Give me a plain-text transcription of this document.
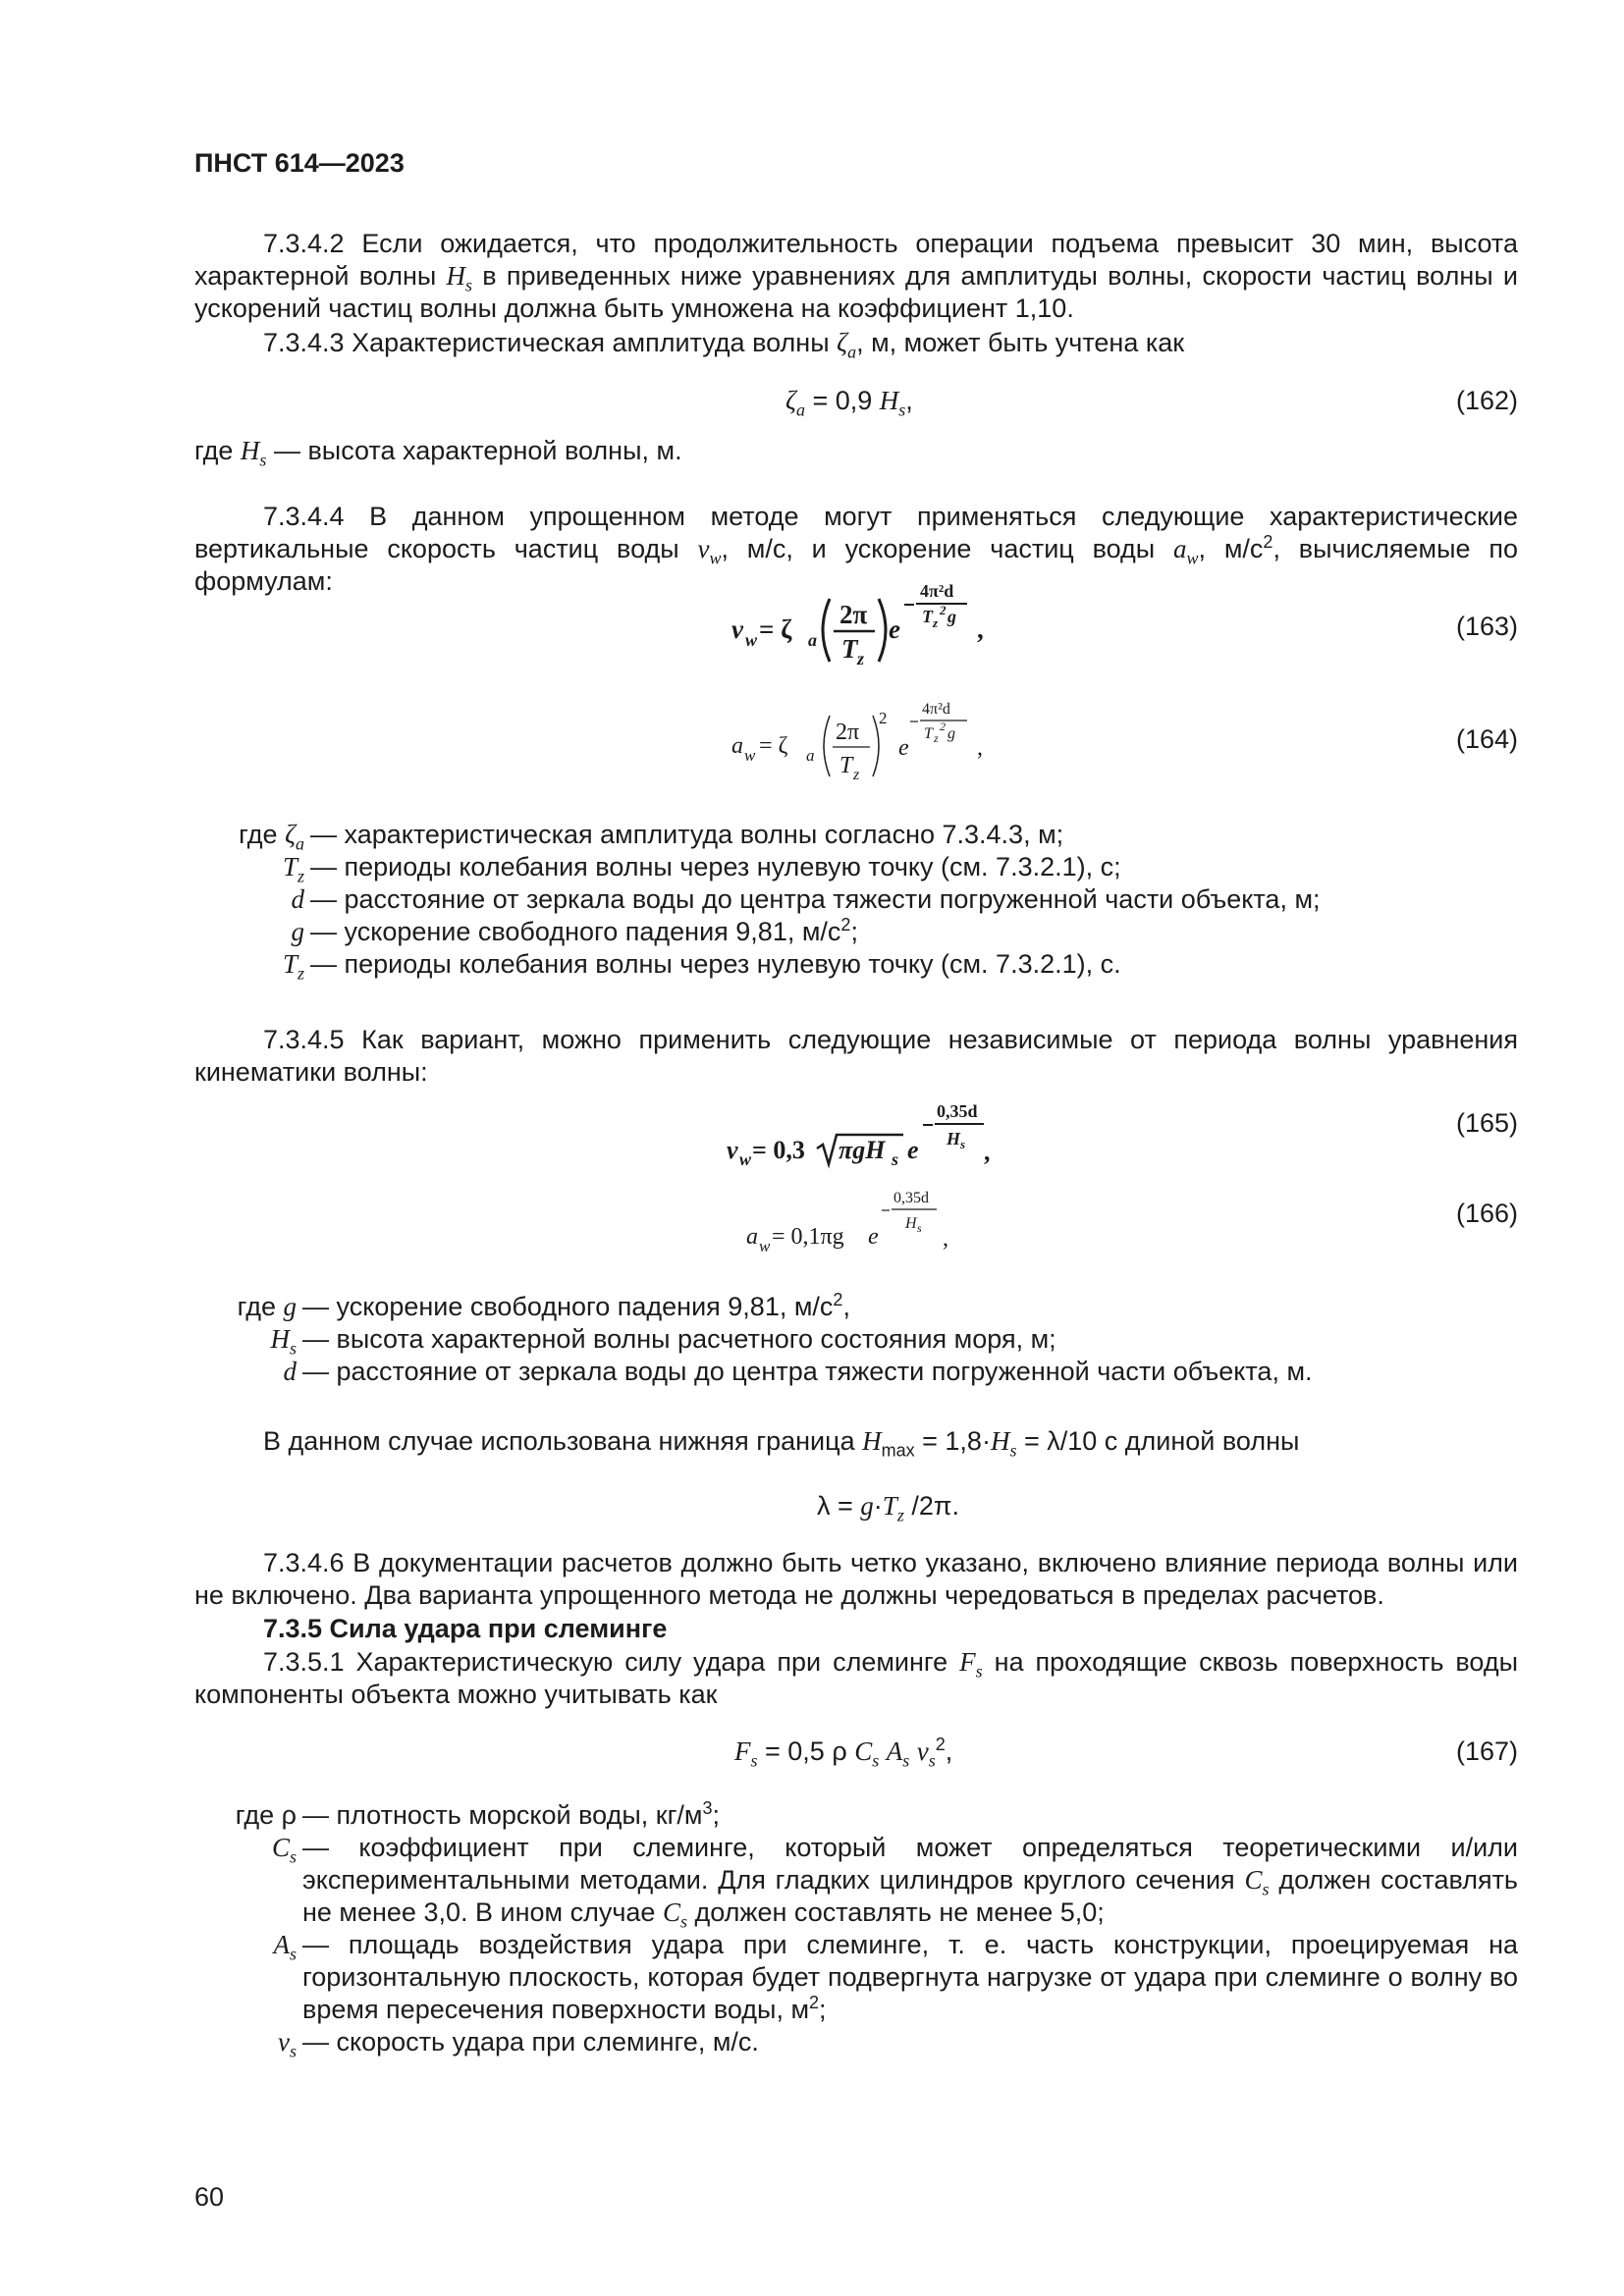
ПНСТ 614—2023

7.3.4.2 Если ожидается, что продолжительность операции подъема превысит 30 мин, высота характерной волны $H_s$ в приведенных ниже уравнениях для амплитуды волны, скорости частиц волны и ускорений частиц волны должна быть умножена на коэффициент 1,10.

7.3.4.3 Характеристическая амплитуда волны $\zeta_a$, м, может быть учтена как

$\zeta_a = 0,9$ $H_s$,	(162)

где $H_s$ — высота характерной волны, м.

7.3.4.4 В данном упрощенном методе могут применяться следующие характеристические вертикальные скорость частиц воды $v_w$, м/с, и ускорение частиц воды $a_w$, $м/с^2$, вычисляемые по формулам:

v w = ζ a
2π
T z
e
4π²d
T z
2 g ,	(163)
a w = ζ a
2π
T z
2
e
4π²d
T z
2 g
,	(164)
где $\zeta_a$ — характеристическая амплитуда волны согласно 7.3.4.3, м;
$T_z$ — периоды колебания волны через нулевую точку (см. 7.3.2.1), с;
d — расстояние от зеркала воды до центра тяжести погруженной части объекта, м;
g — ускорение свободного падения 9,81, $м/с^2$;
$T_z$ — периоды колебания волны через нулевую точку (см. 7.3.2.1), с.

7.3.4.5 Как вариант, можно применить следующие независимые от периода волны уравнения кинематики волны:

v w = 0,3 πgH s e
0,35d
H s ,
(165)
a w = 0,1πg e
0,35d
H s ,
(166)
где g — ускорение свободного падения 9,81, $м/с^2$,
$H_s$ — высота характерной волны расчетного состояния моря, м;
d — расстояние от зеркала воды до центра тяжести погруженной части объекта, м.

В данном случае использована нижняя граница $H_{max} = 1,8\cdot H_s = \lambda/10$ с длиной волны

$\lambda = g\cdot T_z$ /2π.

7.3.4.6 В документации расчетов должно быть четко указано, включено влияние периода волны или не включено. Два варианта упрощенного метода не должны чередоваться в пределах расчетов.

7.3.5 Сила удара при слеминге

7.3.5.1 Характеристическую силу удара при слеминге $F_s$ на проходящие сквозь поверхность воды компоненты объекта можно учитывать как

$F_s = 0,5$ ρ $C_s$ $A_s$ $v_s^2$,	(167)
где ρ — плотность морской воды, $кг/м^3$;
$C_s$ — коэффициент при слеминге, который может определяться теоретическими и/или экспериментальными методами. Для гладких цилиндров круглого сечения $C_s$ должен составлять не менее 3,0. В ином случае $C_s$ должен составлять не менее 5,0;
$A_s$ — площадь воздействия удара при слеминге, т. е. часть конструкции, проецируемая на горизонтальную плоскость, которая будет подвергнута нагрузке от удара при слеминге о волну во время пересечения поверхности воды, $м^2$;
$v_s$ — скорость удара при слеминге, м/с.
60
